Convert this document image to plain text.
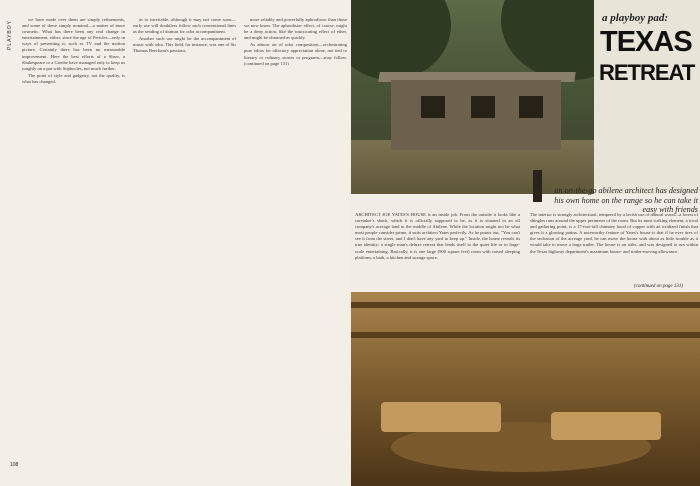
PLAYBOY

we have made over them are simply refinements, and some of these simply nominal—a matter of more cosmetic. What has there been any real change in entertainment, either, since the age of Pericles—only in ways of presenting it, such as TV and the motion picture. Certainly there has been no measurable improvement. Here the best efforts of a Shaw, a Shakespeare or a Goethe have managed only to keep us roughly on a par with Sophocles, not much further.

The point of style and gadgetry, not the quality, is what has changed.

as to inevitable, although it may not come soon—early use will doubtless follow such conventional lines as the sending of dramas for odor accompaniment.

Another such use might be the accompaniment of music with odor. This field, for instance, was one of Sir Thomas Beecham's passions.

more reliably and powerfully aphrodisiac than those we now know. The aphrodisiac effect, of course, might be a deep action, like the intoxicating effect of ether, and might be obtained as quickly.

As almost art of odor composition—orchestrating pure odors for olfactory appreciation alone, not tied to literary or culinary stories or programs—may follow. (continued on page 131)

108
a playboy pad:
TEXAS
RETREAT
an on-the-go abilene architect has designed his own home on the range so he can take it easy with friends

ARCHITECT JOE YATES'S HOUSE is an inside job. From the outside it looks like a caretaker's shack, which it is officially supposed to be, as it is situated in an oil company's acreage land in the middle of Abilene. While the location might not be what most people consider prime, it suits architect Yates perfectly. As he points out, "You can't see it from the street, and I don't have any yard to keep up." Inside, the house reveals its true identity: a single man's deluxe retreat that lends itself to the quiet life or to large-scale entertaining. Basically, it is one large (900 square feet) room with raised sleeping platform, a bath, a kitchen and storage space.

The interior is strongly architectural, tempered by a lavish use of natural wood—a forest of shingles runs around the upper perimeter of the room. But its most striking element, a focal and gathering point, is a 17-foot-tall chimney hood of copper with an oxidized finish that gives it a glowing patina. A noteworthy feature of Yates's house is that if he ever tires of the seclusion of the acreage yard, he can move the house with about as little trouble as it would take to move a large trailer. The house is on stilts, and was designed to run within the Texas highway department's maximum house- and trailer-moving allowance.

(continued on page 131)
